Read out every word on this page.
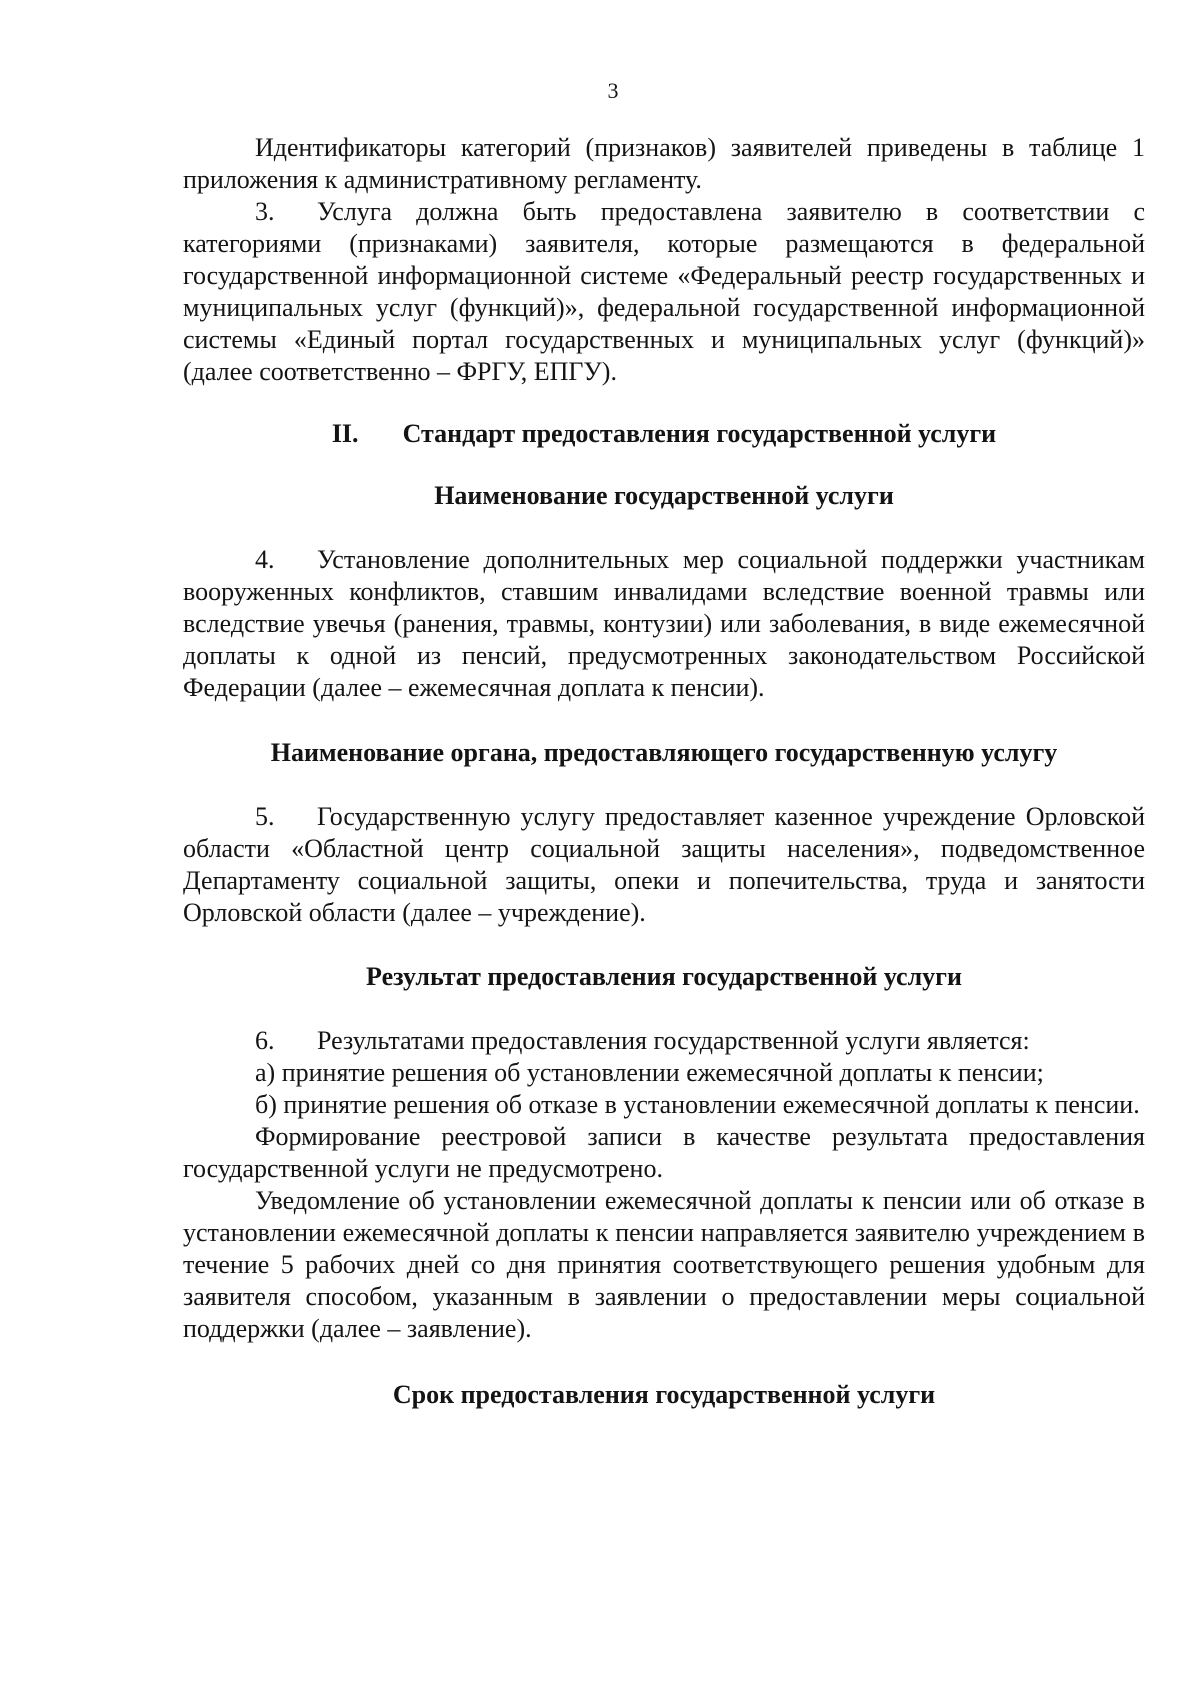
3

Идентификаторы категорий (признаков) заявителей приведены в таблице 1 приложения к административному регламенту.

3. Услуга должна быть предоставлена заявителю в соответствии с категориями (признаками) заявителя, которые размещаются в федеральной государственной информационной системе «Федеральный реестр государственных и муниципальных услуг (функций)», федеральной государственной информационной системы «Единый портал государственных и муниципальных услуг (функций)» (далее соответственно – ФРГУ, ЕПГУ).

II. Стандарт предоставления государственной услуги
Наименование государственной услуги

4. Установление дополнительных мер социальной поддержки участникам вооруженных конфликтов, ставшим инвалидами вследствие военной травмы или вследствие увечья (ранения, травмы, контузии) или заболевания, в виде ежемесячной доплаты к одной из пенсий, предусмотренных законодательством Российской Федерации (далее – ежемесячная доплата к пенсии).

Наименование органа, предоставляющего государственную услугу

5. Государственную услугу предоставляет казенное учреждение Орловской области «Областной центр социальной защиты населения», подведомственное Департаменту социальной защиты, опеки и попечительства, труда и занятости Орловской области (далее – учреждение).

Результат предоставления государственной услуги

6. Результатами предоставления государственной услуги является:

а) принятие решения об установлении ежемесячной доплаты к пенсии;

б) принятие решения об отказе в установлении ежемесячной доплаты к пенсии.

Формирование реестровой записи в качестве результата предоставления государственной услуги не предусмотрено.

Уведомление об установлении ежемесячной доплаты к пенсии или об отказе в установлении ежемесячной доплаты к пенсии направляется заявителю учреждением в течение 5 рабочих дней со дня принятия соответствующего решения удобным для заявителя способом, указанным в заявлении о предоставлении меры социальной поддержки (далее – заявление).

Срок предоставления государственной услуги
